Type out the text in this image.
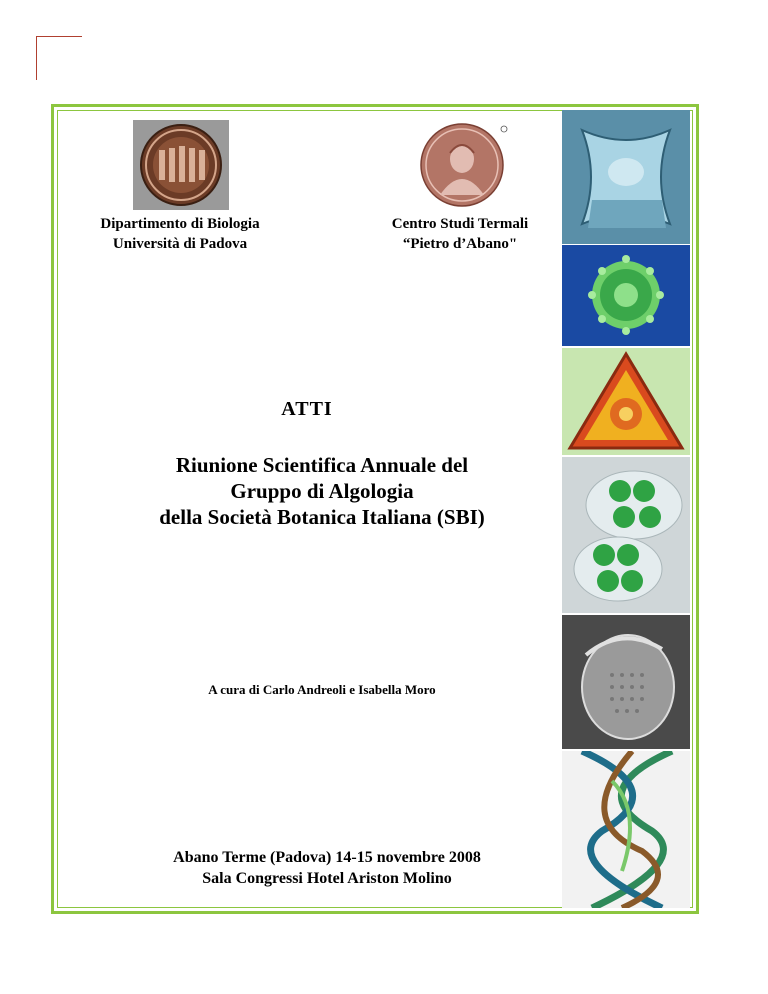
Dipartimento di Biologia
Università di Padova
Centro Studi Termali
“Pietro d’Abano"
ATTI
Riunione Scientifica Annuale del
Gruppo di Algologia
della Società Botanica Italiana (SBI)
A cura di Carlo Andreoli e Isabella Moro
Abano Terme (Padova) 14-15 novembre 2008
Sala Congressi Hotel Ariston Molino
